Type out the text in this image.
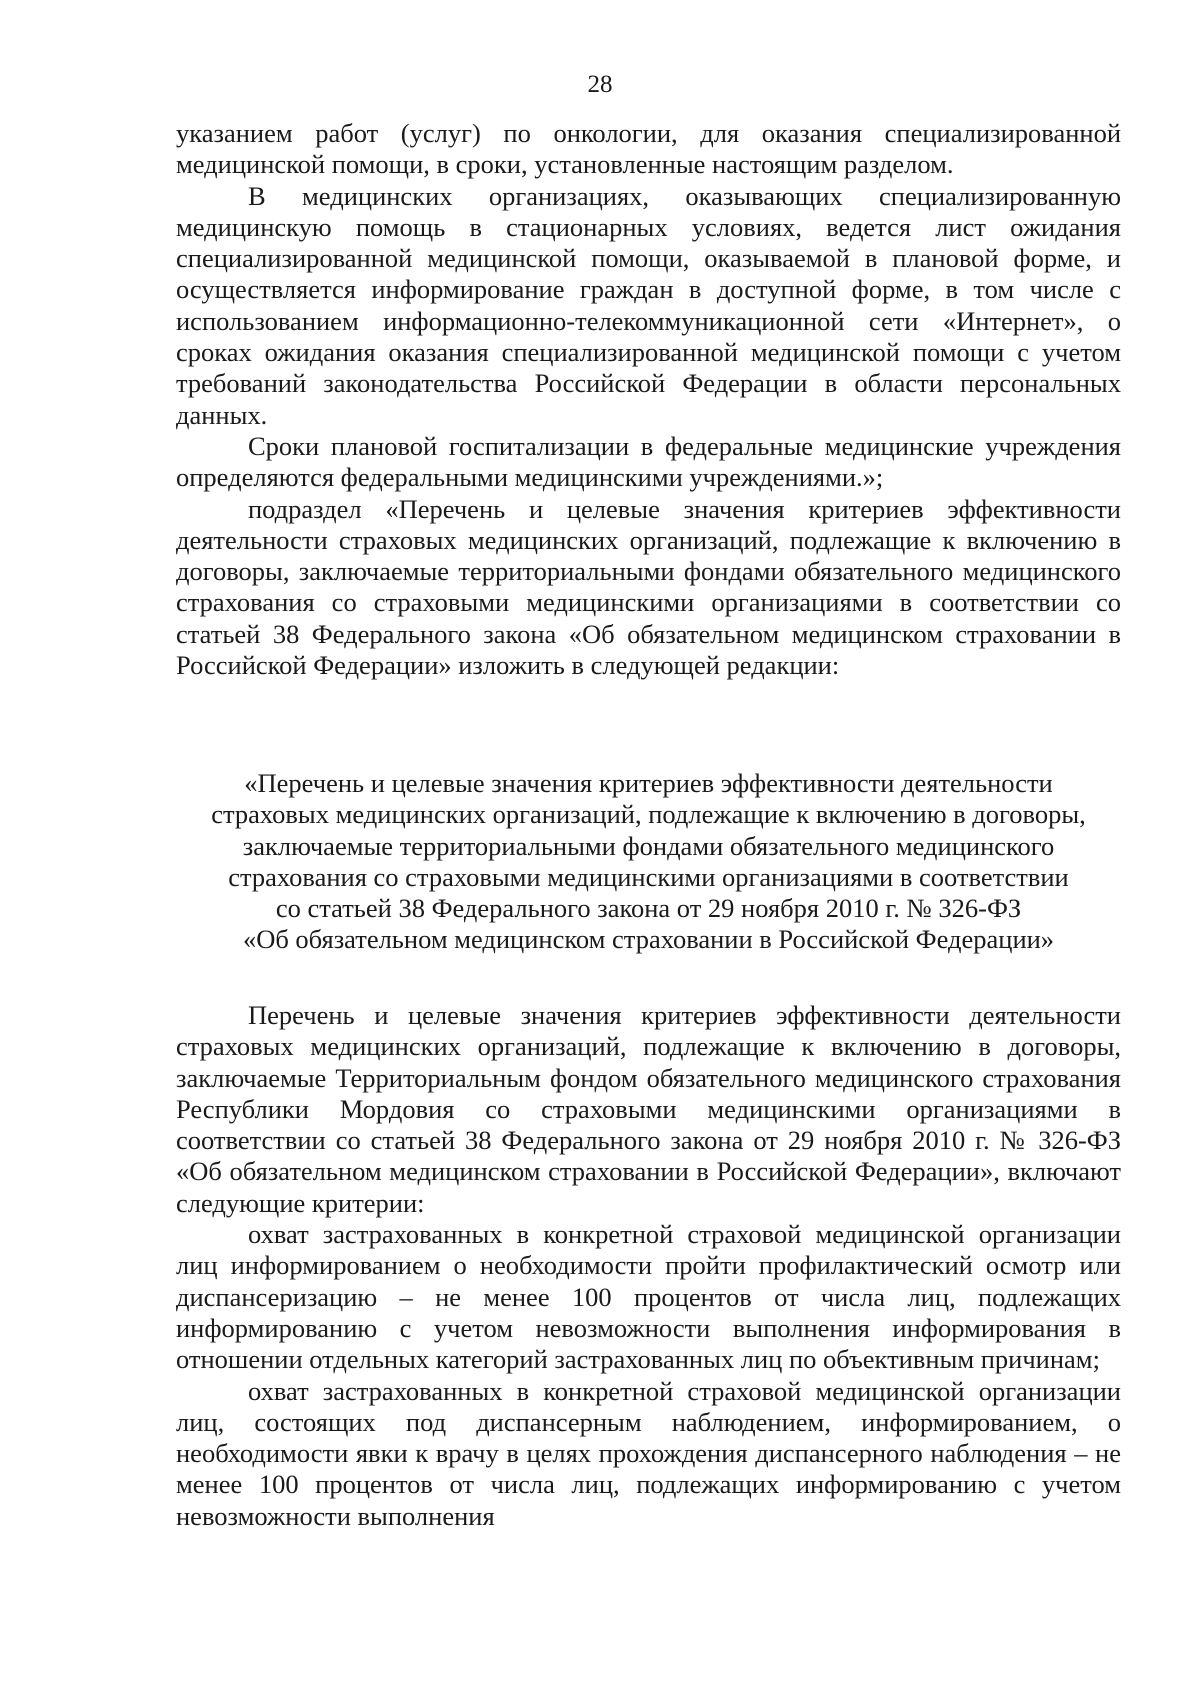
28

указанием работ (услуг) по онкологии, для оказания специализированной медицинской помощи, в сроки, установленные настоящим разделом.

В медицинских организациях, оказывающих специализированную медицинскую помощь в стационарных условиях, ведется лист ожидания специализированной медицинской помощи, оказываемой в плановой форме, и осуществляется информирование граждан в доступной форме, в том числе с использованием информационно-телекоммуникационной сети «Интернет», о сроках ожидания оказания специализированной медицинской помощи с учетом требований законодательства Российской Федерации в области персональных данных.

Сроки плановой госпитализации в федеральные медицинские учреждения определяются федеральными медицинскими учреждениями.»;

подраздел «Перечень и целевые значения критериев эффективности деятельности страховых медицинских организаций, подлежащие к включению в договоры, заключаемые территориальными фондами обязательного медицинского страхования со страховыми медицинскими организациями в соответствии со статьей 38 Федерального закона «Об обязательном медицинском страховании в Российской Федерации» изложить в следующей редакции:

«Перечень и целевые значения критериев эффективности деятельности

страховых медицинских организаций, подлежащие к включению в договоры,

заключаемые территориальными фондами обязательного медицинского

страхования со страховыми медицинскими организациями в соответствии

со статьей 38 Федерального закона от 29 ноября 2010 г. № 326-ФЗ

«Об обязательном медицинском страховании в Российской Федерации»

Перечень и целевые значения критериев эффективности деятельности страховых медицинских организаций, подлежащие к включению в договоры, заключаемые Территориальным фондом обязательного медицинского страхования Республики Мордовия со страховыми медицинскими организациями в соответствии со статьей 38 Федерального закона от 29 ноября 2010 г. № 326-ФЗ «Об обязательном медицинском страховании в Российской Федерации», включают следующие критерии:

охват застрахованных в конкретной страховой медицинской организации лиц информированием о необходимости пройти профилактический осмотр или диспансеризацию – не менее 100 процентов от числа лиц, подлежащих информированию с учетом невозможности выполнения информирования в отношении отдельных категорий застрахованных лиц по объективным причинам;

охват застрахованных в конкретной страховой медицинской организации лиц, состоящих под диспансерным наблюдением, информированием, о необходимости явки к врачу в целях прохождения диспансерного наблюдения – не менее 100 процентов от числа лиц, подлежащих информированию с учетом невозможности выполнения
